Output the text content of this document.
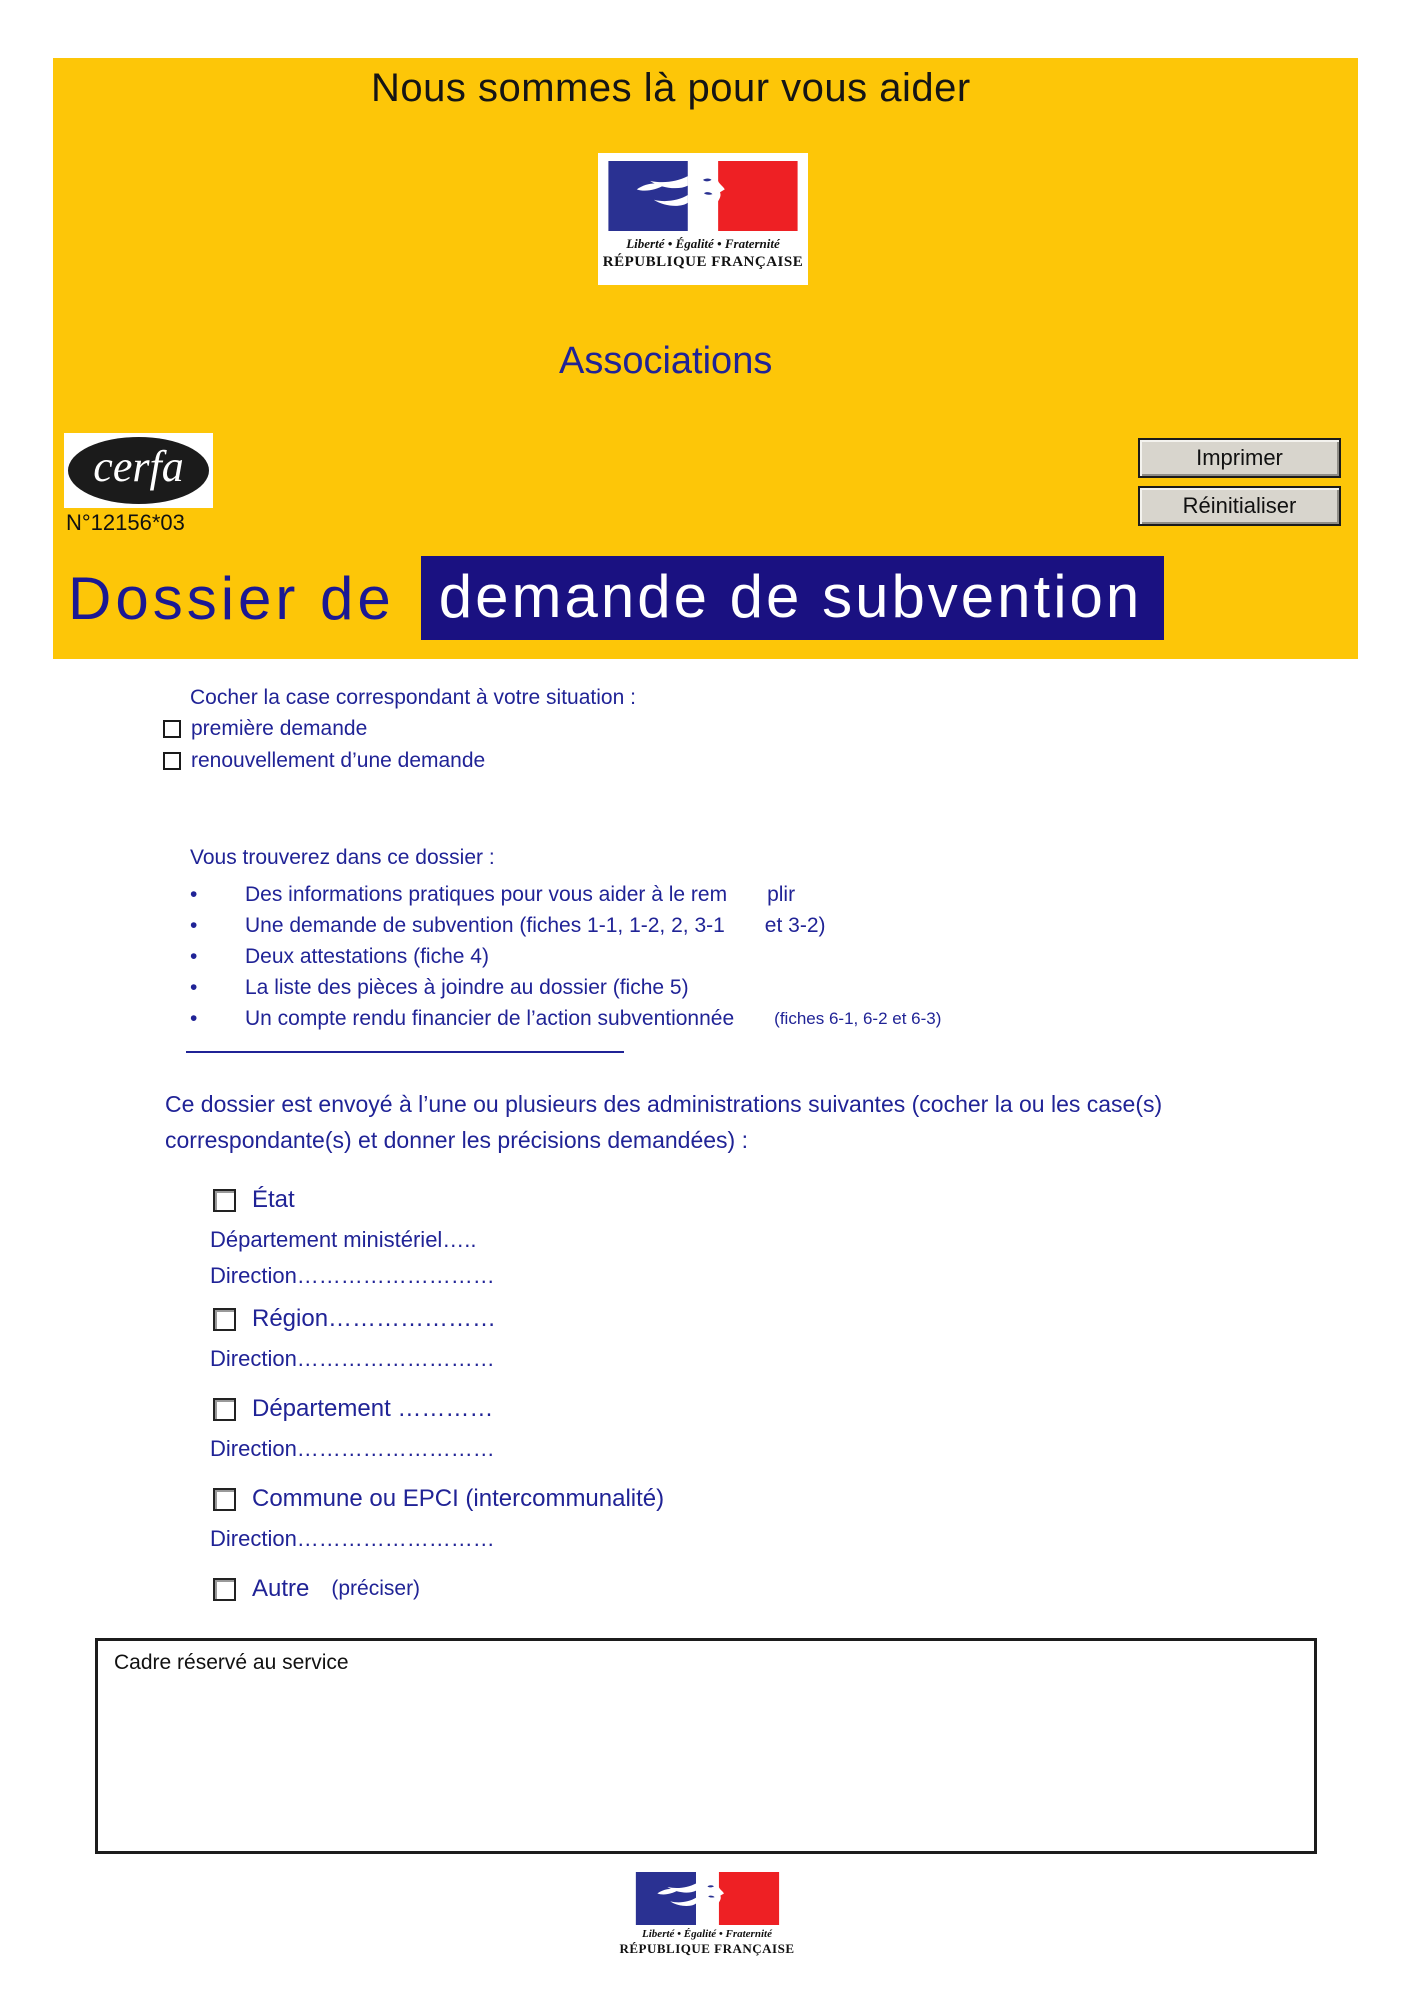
Nous sommes là pour vous aider
Liberté • Égalité • Fraternité
RÉPUBLIQUE FRANÇAISE
Associations
cerfa
N°12156*03
Imprimer
Réinitialiser
Dossier de demande de subvention
Cocher la case correspondant à votre situation :
première demande
renouvellement d’une demande
Vous trouverez dans ce dossier :
•	Des informations pratiques pour vous aider à le rem plir
•	Une demande de subvention (fiches 1-1, 1-2, 2, 3-1 et 3-2)
•	Deux attestations (fiche 4)
•	La liste des pièces à joindre au dossier (fiche 5)
•	Un compte rendu financier de l’action subventionnée (fiches 6-1, 6-2 et 6-3)
Ce dossier est envoyé à l’une ou plusieurs des administrations suivantes (cocher la ou les case(s) correspondante(s) et donner les précisions demandées) :
État
Département ministériel…..
Direction………………………
Région…………………
Direction………………………
Département …………
Direction………………………
Commune ou EPCI (intercommunalité)
Direction………………………
Autre (préciser)
Cadre réservé au service
Liberté • Égalité • Fraternité
RÉPUBLIQUE FRANÇAISE
